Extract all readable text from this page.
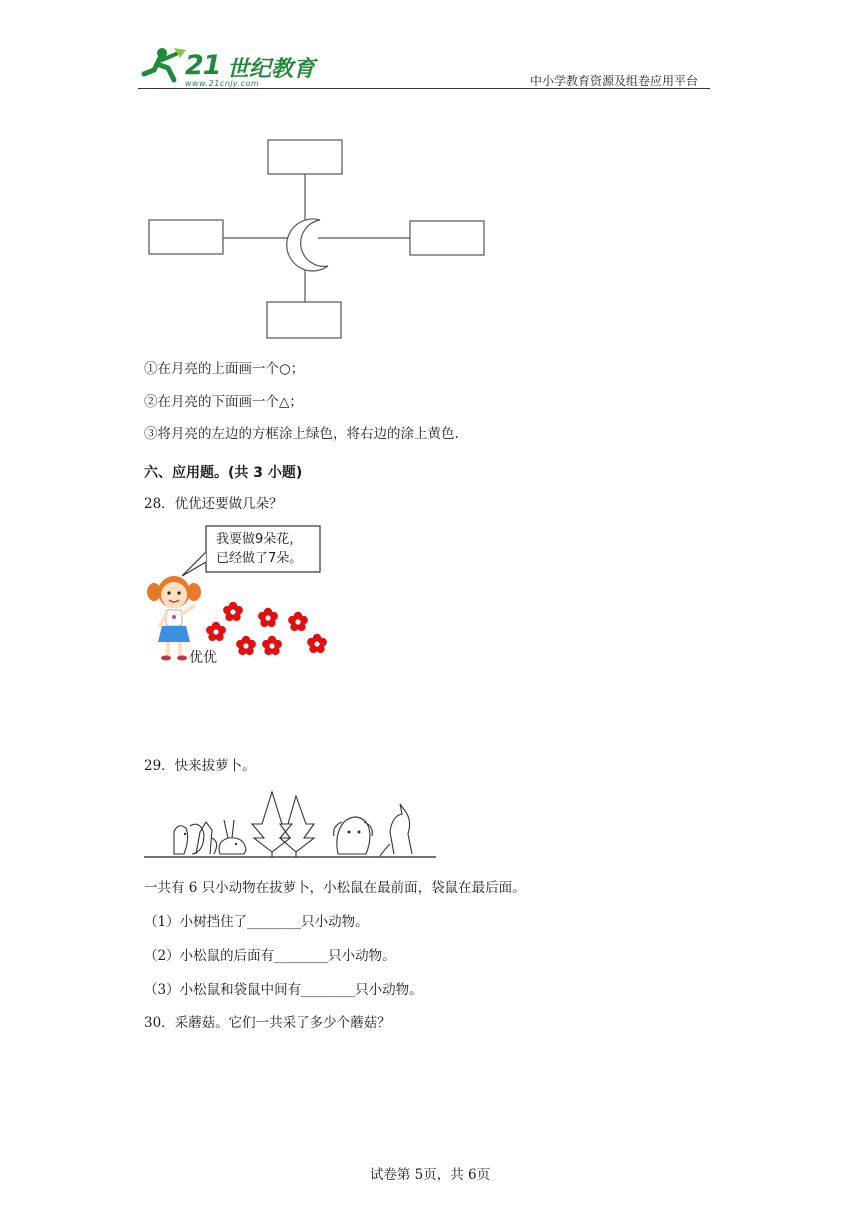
21 世纪教育
www.21cnjy.com	中小学教育资源及组卷应用平台
①在月亮的上面画一个○；
②在月亮的下面画一个△；
③将月亮的左边的方框涂上绿色，将右边的涂上黄色.
六、应用题。(共 3 小题)
28．优优还要做几朵？
我要做9朵花，
已经做了7朵。
优优
29．快来拔萝卜。
一共有 6 只小动物在拔萝卜，小松鼠在最前面，袋鼠在最后面。
（1）小树挡住了________只小动物。
（2）小松鼠的后面有________只小动物。
（3）小松鼠和袋鼠中间有________只小动物。
30．采蘑菇。它们一共采了多少个蘑菇？
试卷第 5页，共 6页
